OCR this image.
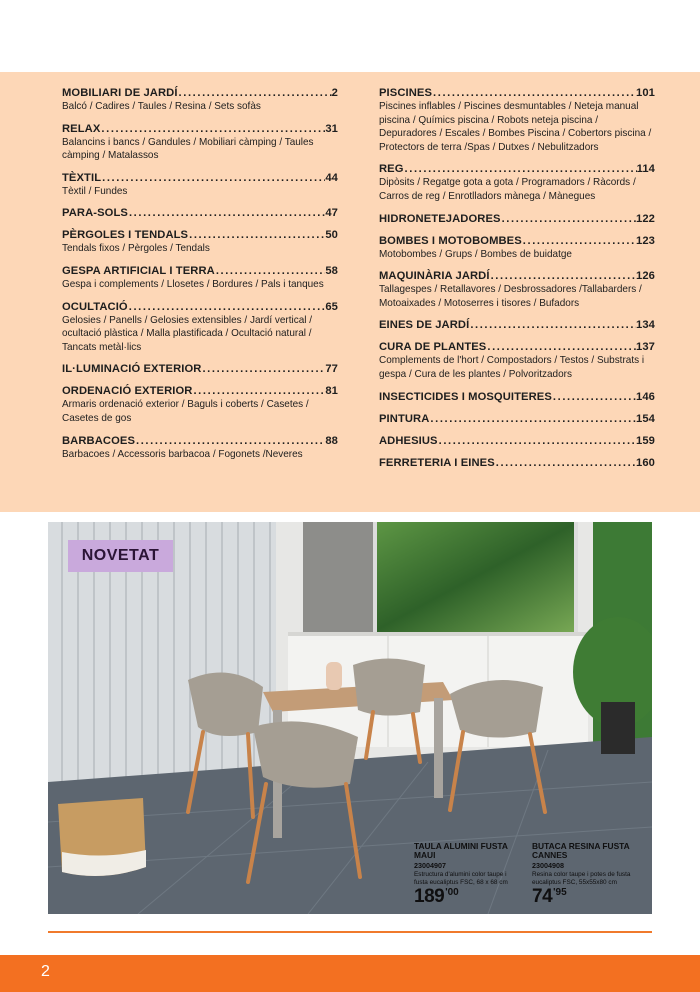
MOBILIARI DE JARDÍ .....	2
Balcó / Cadires / Taules / Resina / Sets sofàs
RELAX .....	31
Balancins i bancs / Gandules / Mobiliari càmping / Taules càmping / Matalassos
TÈXTIL .....	44
Tèxtil / Fundes
PARA-SOLS .....	47
PÈRGOLES I TENDALS .....	50
Tendals fixos / Pèrgoles / Tendals
GESPA ARTIFICIAL I TERRA .....	58
Gespa i complements / Llosetes / Bordures / Pals i tanques
OCULTACIÓ .....	65
Gelosies / Panells / Gelosies extensibles / Jardí vertical / ocultació plàstica / Malla plastificada / Ocultació natural / Tancats metàl·lics
IL·LUMINACIÓ EXTERIOR .....	77
ORDENACIÓ EXTERIOR .....	81
Armaris ordenació exterior / Baguls i coberts / Casetes / Casetes de gos
BARBACOES .....	88
Barbacoes / Accessoris barbacoa / Fogonets /Neveres
PISCINES .....	101
Piscines inflables / Piscines desmuntables / Neteja manual piscina / Químics piscina / Robots neteja piscina / Depuradores / Escales / Bombes Piscina / Cobertors piscina / Protectors de terra /Spas / Dutxes / Nebulitzadors
REG .....	114
Dipòsits / Regatge gota a gota / Programadors / Ràcords / Carros de reg / Enrotlladors mànega / Mànegues
HIDRONETEJADORES .....	122
BOMBES I MOTOBOMBES .....	123
Motobombes / Grups / Bombes de buidatge
MAQUINÀRIA JARDÍ .....	126
Tallagespes / Retallavores / Desbrossadores /Tallabarders / Motoaixades / Motoserres i tisores / Bufadors
EINES DE JARDÍ .....	134
CURA DE PLANTES .....	137
Complements de l'hort / Compostadors / Testos / Substrats i gespa / Cura de les plantes / Polvoritzadors
INSECTICIDES I MOSQUITERES .....	146
PINTURA .....	154
ADHESIUS .....	159
FERRETERIA I EINES .....	160
NOVETAT
TAULA ALUMINI FUSTA MAUI
23004907
Estructura d'alumini color taupe i fusta eucaliptus FSC, 68 x 68 cm
189 '00
BUTACA RESINA FUSTA CANNES
23004908
Resina color taupe i potes de fusta eucaliptus FSC, 55x55x80 cm
74 '95
2
